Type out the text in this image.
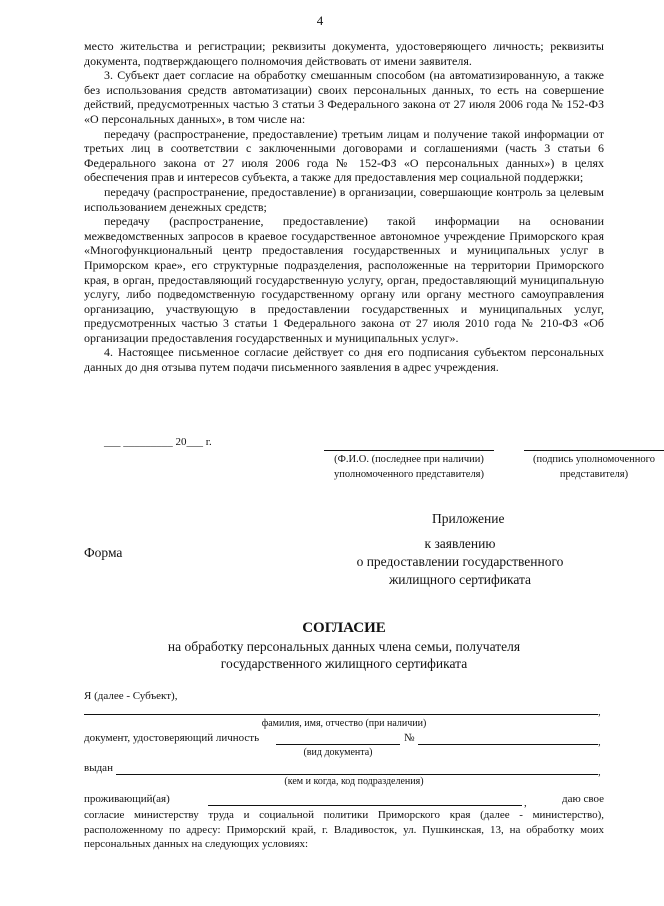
4

место жительства и регистрации; реквизиты документа, удостоверяющего личность; реквизиты документа, подтверждающего полномочия действовать от имени заявителя.

3. Субъект дает согласие на обработку смешанным способом (на автоматизированную, а также без использования средств автоматизации) своих персональных данных, то есть на совершение действий, предусмотренных частью 3 статьи 3 Федерального закона от 27 июля 2006 года № 152-ФЗ «О персональных данных», в том числе на:

передачу (распространение, предоставление) третьим лицам и получение такой информации от третьих лиц в соответствии с заключенными договорами и соглашениями (часть 3 статьи 6 Федерального закона от 27 июля 2006 года № 152-ФЗ «О персональных данных») в целях обеспечения прав и интересов субъекта, а также для предоставления мер социальной поддержки;

передачу (распространение, предоставление) в организации, совершающие контроль за целевым использованием денежных средств;

передачу (распространение, предоставление) такой информации на основании межведомственных запросов в краевое государственное автономное учреждение Приморского края «Многофункциональный центр предоставления государственных и муниципальных услуг в Приморском крае», его структурные подразделения, расположенные на территории Приморского края, в орган, предоставляющий государственную услугу, орган, предоставляющий муниципальную услугу, либо подведомственную государственному органу или органу местного самоуправления организацию, участвующую в предоставлении государственных и муниципальных услуг, предусмотренных частью 3 статьи 1 Федерального закона от 27 июля 2010 года № 210-ФЗ «Об организации предоставления государственных и муниципальных услуг».

4. Настоящее письменное согласие действует со дня его подписания субъектом персональных данных до дня отзыва путем подачи письменного заявления в адрес учреждения.

___ _________ 20___ г.
(Ф.И.О. (последнее при наличии)
уполномоченного представителя)
(подпись уполномоченного
представителя)
Приложение
к заявлению
о предоставлении государственного
жилищного сертификата
Форма
СОГЛАСИЕ
на обработку персональных данных члена семьи, получателя
государственного жилищного сертификата
Я (далее - Субъект),
,
фамилия, имя, отчество (при наличии)
документ, удостоверяющий личность	№	,
(вид документа)
выдан	,
(кем и когда, код подразделения)
проживающий(ая)	,	даю свое

согласие министерству труда и социальной политики Приморского края (далее - министерство), расположенному по адресу: Приморский край, г. Владивосток, ул. Пушкинская, 13, на обработку моих персональных данных на следующих условиях:
